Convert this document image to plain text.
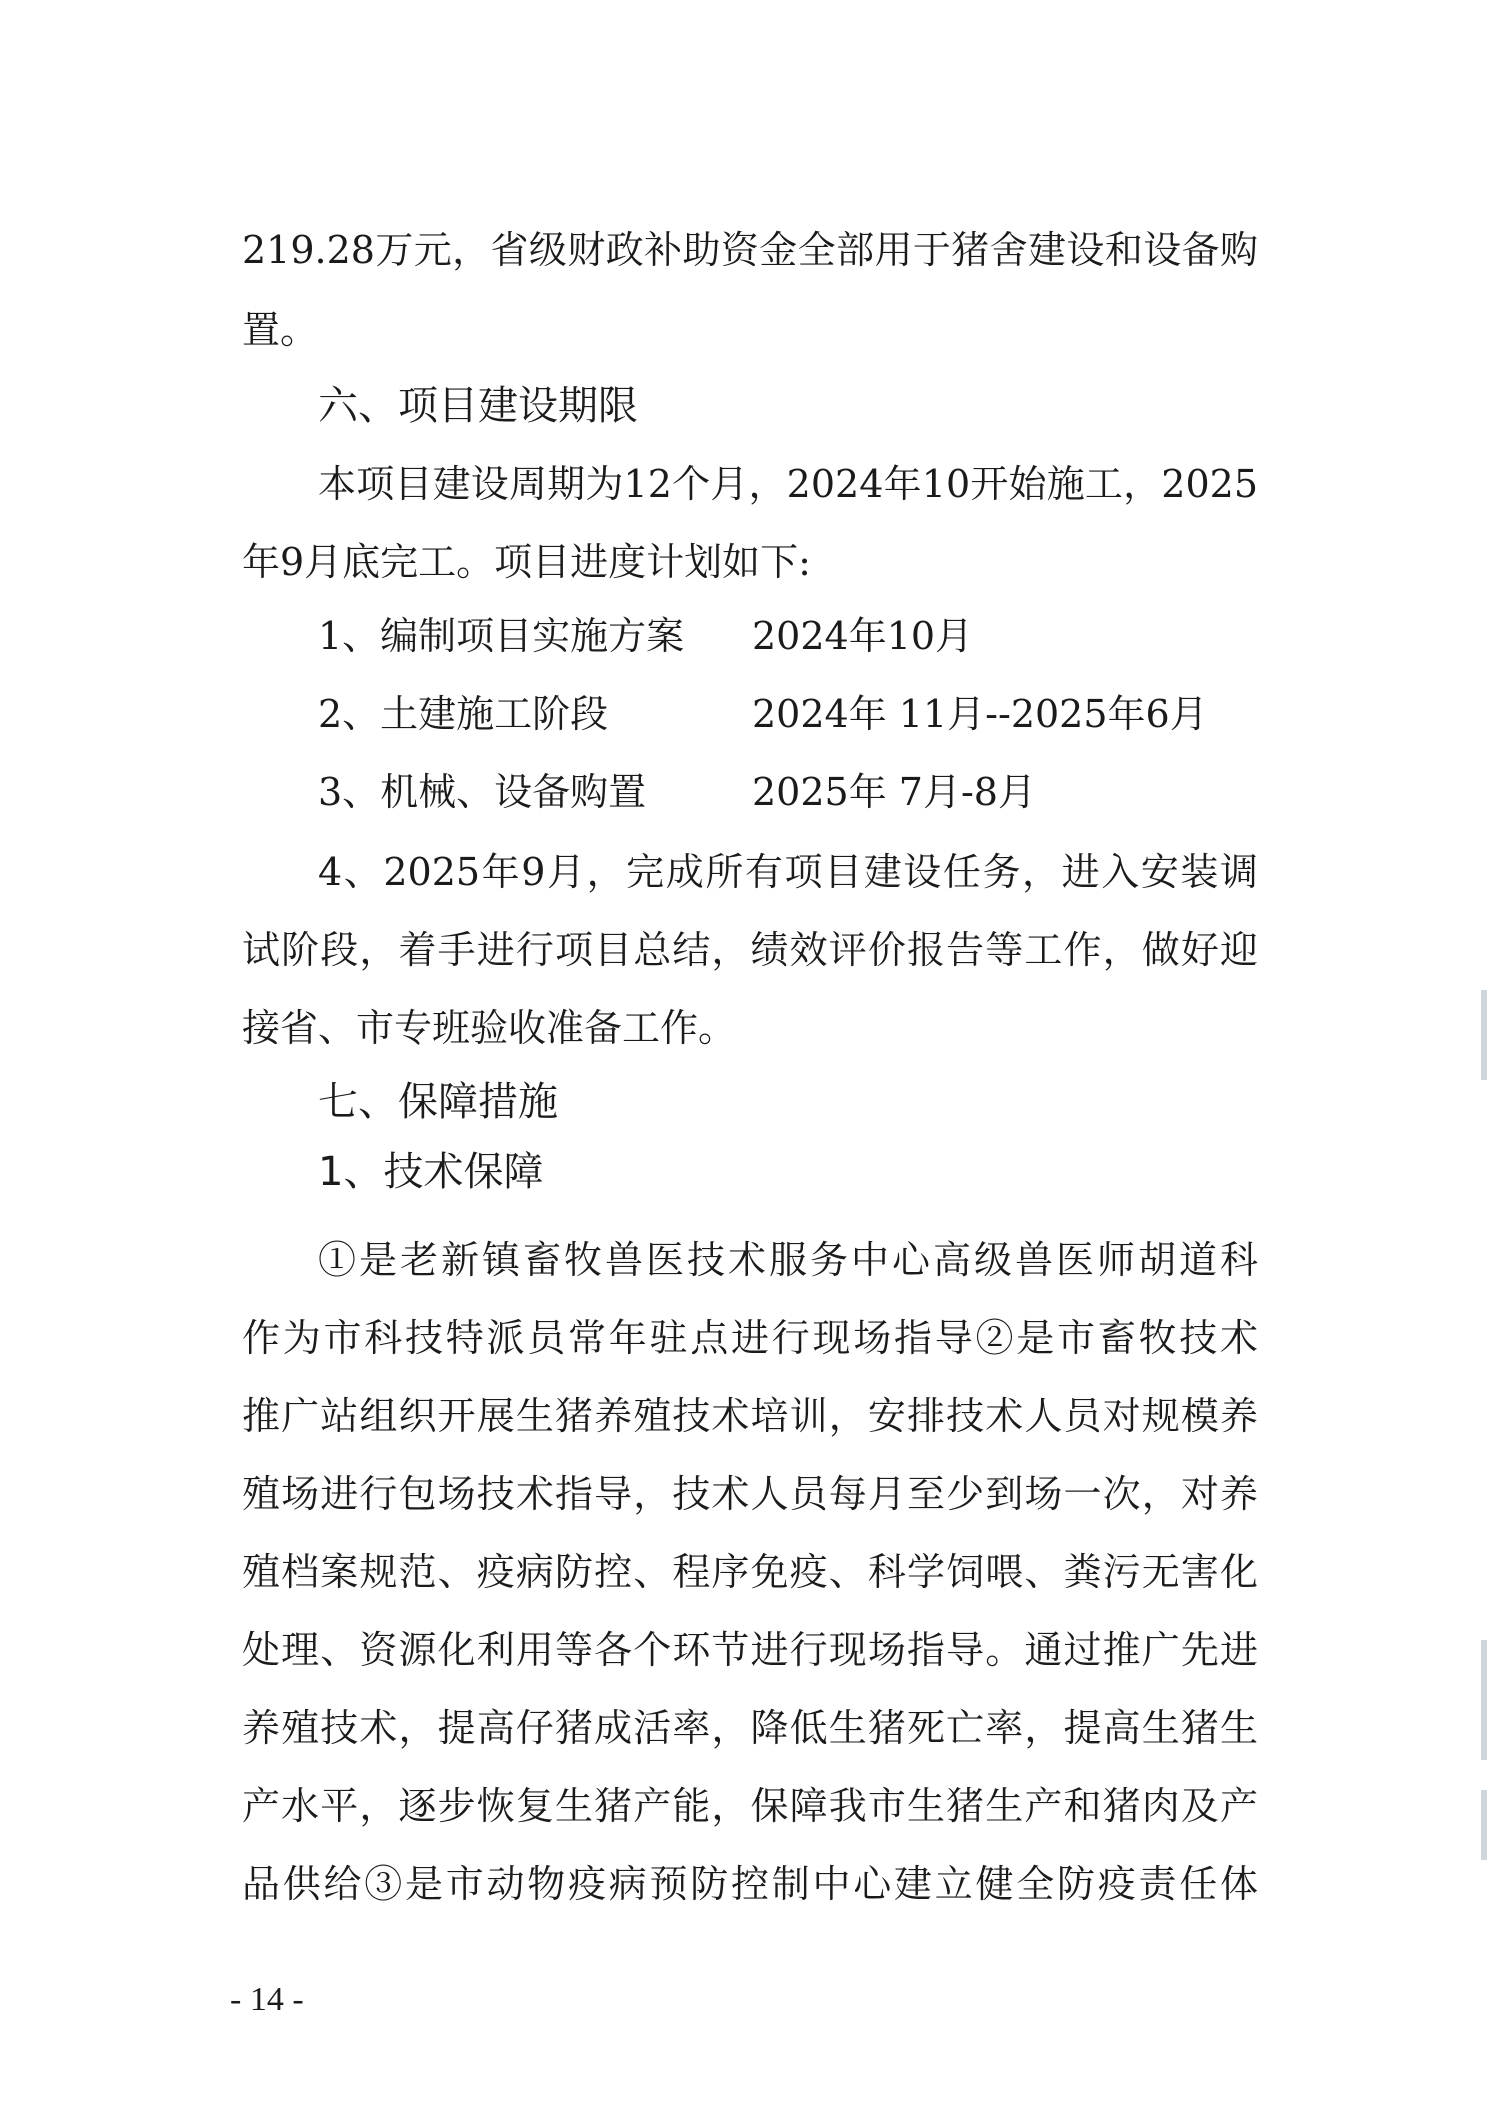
219.28万元，省级财政补助资金全部用于猪舍建设和设备购
置。
六、项目建设期限
本项目建设周期为12个月，2024年10开始施工，2025
年9月底完工。项目进度计划如下:
1、编制项目实施方案 2024年10月
2、土建施工阶段	2024年 11月--2025年6月
3、机械、设备购置	2025年 7月-8月
4、2025年9月，完成所有项目建设任务，进入安装调
试阶段，着手进行项目总结，绩效评价报告等工作，做好迎
接省、市专班验收准备工作。
七、保障措施
1、技术保障
①是老新镇畜牧兽医技术服务中心高级兽医师胡道科
作为市科技特派员常年驻点进行现场指导②是市畜牧技术
推广站组织开展生猪养殖技术培训，安排技术人员对规模养
殖场进行包场技术指导，技术人员每月至少到场一次，对养
殖档案规范、疫病防控、程序免疫、科学饲喂、粪污无害化
处理、资源化利用等各个环节进行现场指导。通过推广先进
养殖技术，提高仔猪成活率，降低生猪死亡率，提高生猪生
产水平，逐步恢复生猪产能，保障我市生猪生产和猪肉及产
品供给③是市动物疫病预防控制中心建立健全防疫责任体
- 14 -
